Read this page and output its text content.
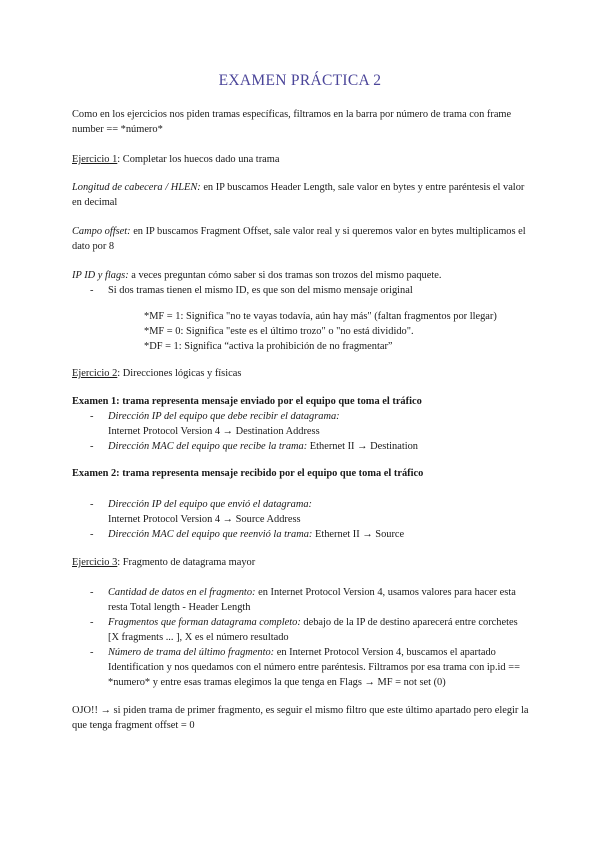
EXAMEN PRÁCTICA 2
Como en los ejercicios nos piden tramas específicas, filtramos en la barra por número de trama con frame number == *número*
Ejercicio 1: Completar los huecos dado una trama
Longitud de cabecera / HLEN: en IP buscamos Header Length, sale valor en bytes y entre paréntesis el valor en decimal
Campo offset: en IP buscamos Fragment Offset, sale valor real y si queremos valor en bytes multiplicamos el dato por 8
IP ID y flags: a veces preguntan cómo saber si dos tramas son trozos del mismo paquete.
-	Si dos tramas tienen el mismo ID, es que son del mismo mensaje original
*MF = 1: Significa "no te vayas todavía, aún hay más" (faltan fragmentos por llegar)
*MF = 0: Significa "este es el último trozo" o "no está dividido".
*DF = 1: Significa “activa la prohibición de no fragmentar”
Ejercicio 2: Direcciones lógicas y físicas
Examen 1: trama representa mensaje enviado por el equipo que toma el tráfico
-	Dirección IP del equipo que debe recibir el datagrama:
Internet Protocol Version 4 → Destination Address
-	Dirección MAC del equipo que recibe la trama: Ethernet II → Destination
Examen 2: trama representa mensaje recibido por el equipo que toma el tráfico
-	Dirección IP del equipo que envió el datagrama:
Internet Protocol Version 4 → Source Address
-	Dirección MAC del equipo que reenvió la trama: Ethernet II → Source
Ejercicio 3: Fragmento de datagrama mayor
-	Cantidad de datos en el fragmento: en Internet Protocol Version 4, usamos valores para hacer esta resta Total length - Header Length
-	Fragmentos que forman datagrama completo: debajo de la IP de destino aparecerá entre corchetes [X fragments ... ], X es el número resultado
-	Número de trama del último fragmento: en Internet Protocol Version 4, buscamos el apartado Identification y nos quedamos con el número entre paréntesis. Filtramos por esa trama con ip.id == *numero* y entre esas tramas elegimos la que tenga en Flags → MF = not set (0)
OJO!! → si piden trama de primer fragmento, es seguir el mismo filtro que este último apartado pero elegir la que tenga fragment offset = 0
